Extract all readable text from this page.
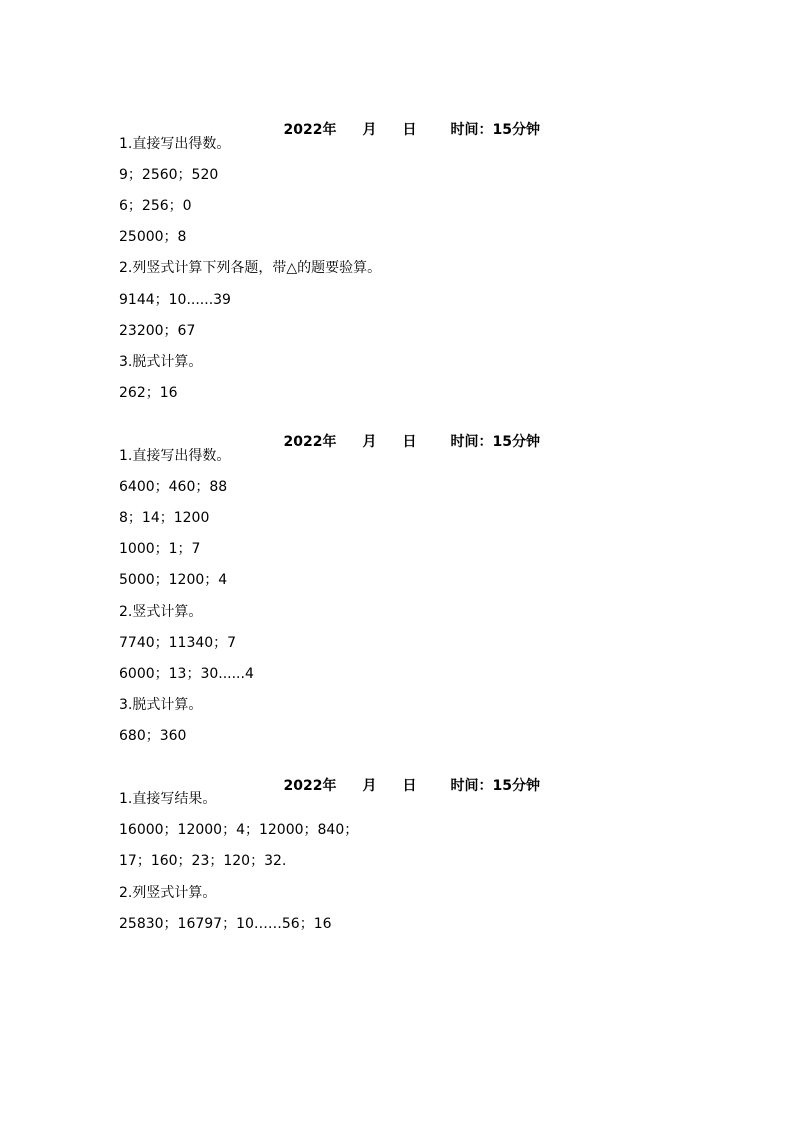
2022年 月 日 时间：15分钟

1.直接写出得数。
9；2560；520
6；256；0
25000；8
2.列竖式计算下列各题，带△的题要验算。
9144；10......39
23200；67
3.脱式计算。
262；16

2022年 月 日 时间：15分钟

1.直接写出得数。
6400；460；88
8；14；1200
1000；1；7
5000；1200；4
2.竖式计算。
7740；11340；7
6000；13；30......4
3.脱式计算。
680；360

2022年 月 日 时间：15分钟

1.直接写结果。
16000；12000；4；12000；840；
17；160；23；120；32.
2.列竖式计算。
25830；16797；10……56；16
